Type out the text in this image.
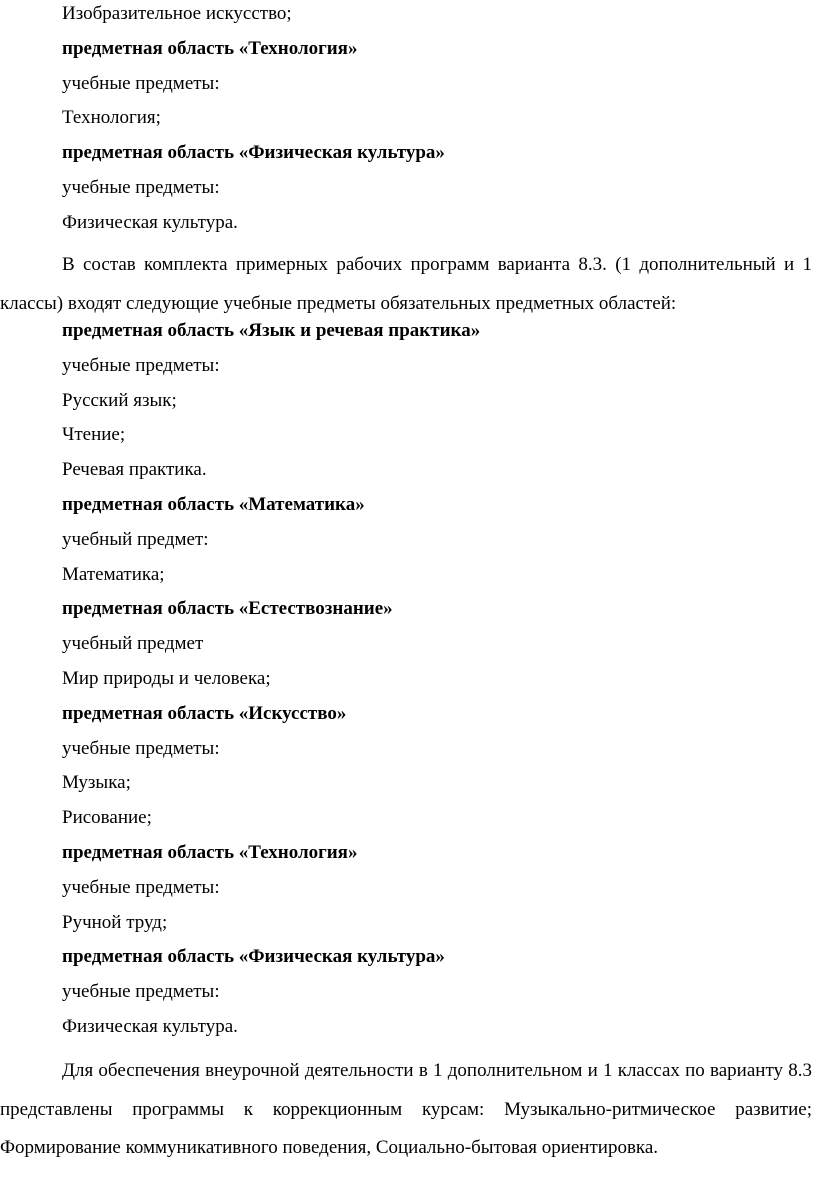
Изобразительное искусство;

предметная область «Технология»

учебные предметы:

Технология;

предметная область «Физическая культура»

учебные предметы:

Физическая культура.

В состав комплекта примерных рабочих программ варианта 8.3. (1 дополнительный и 1 классы) входят следующие учебные предметы обязательных предметных областей:

предметная область «Язык и речевая практика»

учебные предметы:

Русский язык;

Чтение;

Речевая практика.

предметная область «Математика»

учебный предмет:

Математика;

предметная область «Естествознание»

учебный предмет

Мир природы и человека;

предметная область «Искусство»

учебные предметы:

Музыка;

Рисование;

предметная область «Технология»

учебные предметы:

Ручной труд;

предметная область «Физическая культура»

учебные предметы:

Физическая культура.

Для обеспечения внеурочной деятельности в 1 дополнительном и 1 классах по варианту 8.3 представлены программы к коррекционным курсам: Музыкально-ритмическое развитие; Формирование коммуникативного поведения, Социально-бытовая ориентировка.
